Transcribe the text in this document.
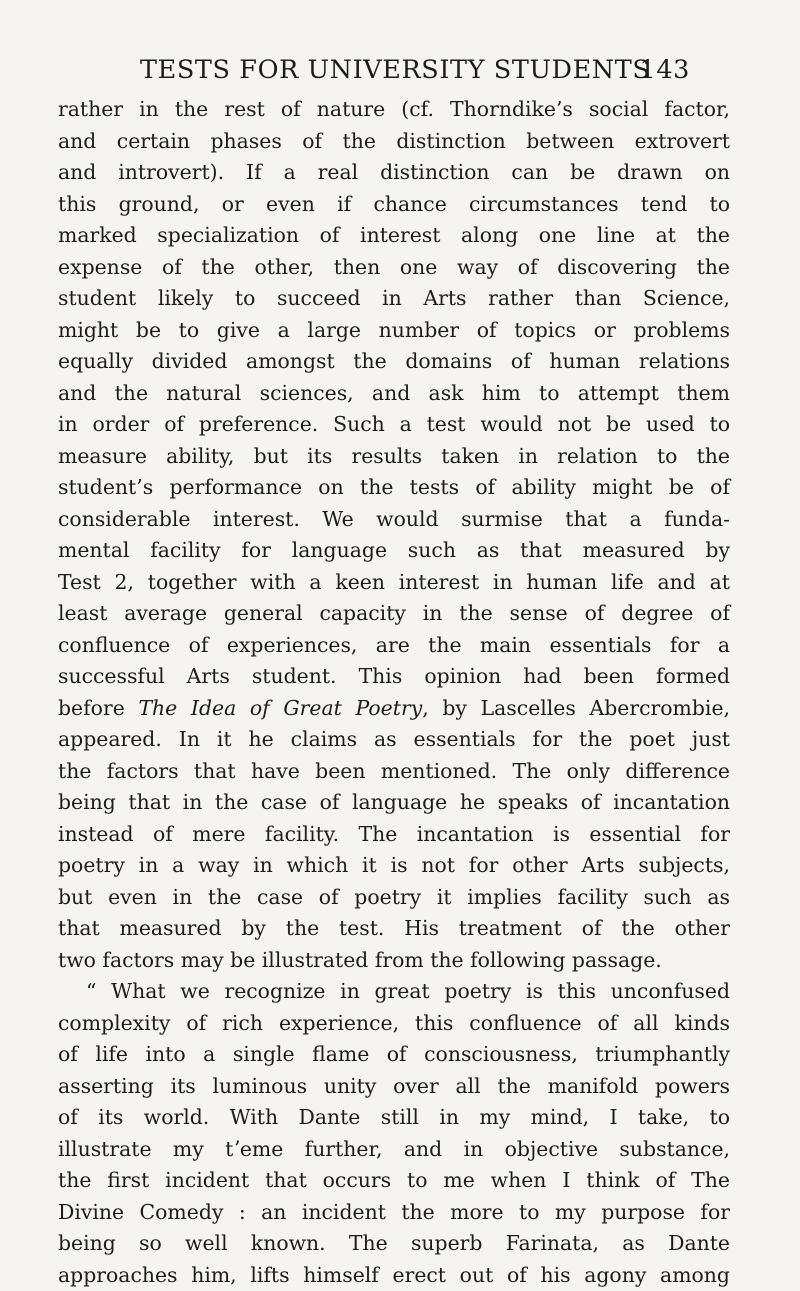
TESTS FOR UNIVERSITY STUDENTS
143
rather in the rest of nature (cf. Thorndike’s social factor,
and certain phases of the distinction between extrovert
and introvert). If a real distinction can be drawn on
this ground, or even if chance circumstances tend to
marked specialization of interest along one line at the
expense of the other, then one way of discovering the
student likely to succeed in Arts rather than Science,
might be to give a large number of topics or problems
equally divided amongst the domains of human relations
and the natural sciences, and ask him to attempt them
in order of preference. Such a test would not be used to
measure ability, but its results taken in relation to the
student’s performance on the tests of ability might be of
considerable interest. We would surmise that a funda-
mental facility for language such as that measured by
Test 2, together with a keen interest in human life and at
least average general capacity in the sense of degree of
confluence of experiences, are the main essentials for a
successful Arts student. This opinion had been formed
before The Idea of Great Poetry, by Lascelles Abercrombie,
appeared. In it he claims as essentials for the poet just
the factors that have been mentioned. The only difference
being that in the case of language he speaks of incantation
instead of mere facility. The incantation is essential for
poetry in a way in which it is not for other Arts subjects,
but even in the case of poetry it implies facility such as
that measured by the test. His treatment of the other
two factors may be illustrated from the following passage.
“ What we recognize in great poetry is this unconfused
complexity of rich experience, this confluence of all kinds
of life into a single flame of consciousness, triumphantly
asserting its luminous unity over all the manifold powers
of its world. With Dante still in my mind, I take, to
illustrate my tʼeme further, and in objective substance,
the first incident that occurs to me when I think of The
Divine Comedy : an incident the more to my purpose for
being so well known. The superb Farinata, as Dante
approaches him, lifts himself erect out of his agony among
